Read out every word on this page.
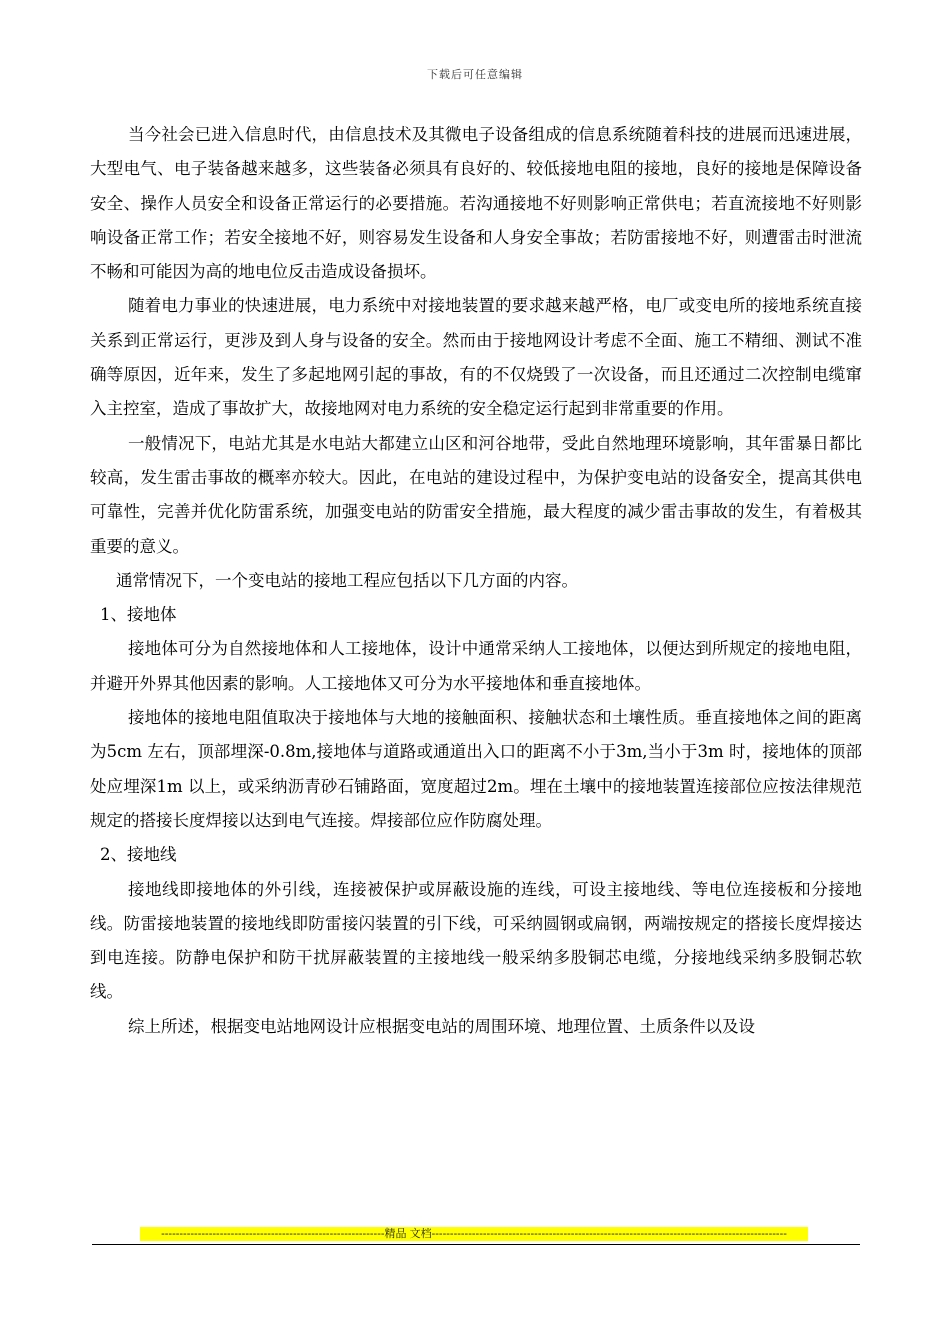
下载后可任意编辑

当今社会已进入信息时代，由信息技术及其微电子设备组成的信息系统随着科技的进展而迅速进展，大型电气、电子装备越来越多，这些装备必须具有良好的、较低接地电阻的接地，良好的接地是保障设备安全、操作人员安全和设备正常运行的必要措施。若沟通接地不好则影响正常供电；若直流接地不好则影响设备正常工作；若安全接地不好，则容易发生设备和人身安全事故；若防雷接地不好，则遭雷击时泄流不畅和可能因为高的地电位反击造成设备损坏。

随着电力事业的快速进展，电力系统中对接地装置的要求越来越严格，电厂或变电所的接地系统直接关系到正常运行，更涉及到人身与设备的安全。然而由于接地网设计考虑不全面、施工不精细、测试不准确等原因，近年来，发生了多起地网引起的事故，有的不仅烧毁了一次设备，而且还通过二次控制电缆窜入主控室，造成了事故扩大，故接地网对电力系统的安全稳定运行起到非常重要的作用。

一般情况下，电站尤其是水电站大都建立山区和河谷地带，受此自然地理环境影响，其年雷暴日都比较高，发生雷击事故的概率亦较大。因此，在电站的建设过程中，为保护变电站的设备安全，提高其供电可靠性，完善并优化防雷系统，加强变电站的防雷安全措施，最大程度的减少雷击事故的发生，有着极其重要的意义。

通常情况下，一个变电站的接地工程应包括以下几方面的内容。

1、接地体

接地体可分为自然接地体和人工接地体，设计中通常采纳人工接地体，以便达到所规定的接地电阻，并避开外界其他因素的影响。人工接地体又可分为水平接地体和垂直接地体。

接地体的接地电阻值取决于接地体与大地的接触面积、接触状态和土壤性质。垂直接地体之间的距离为5cm 左右，顶部埋深-0.8m,接地体与道路或通道出入口的距离不小于3m,当小于3m 时，接地体的顶部处应埋深1m 以上，或采纳沥青砂石铺路面，宽度超过2m。埋在土壤中的接地装置连接部位应按法律规范规定的搭接长度焊接以达到电气连接。焊接部位应作防腐处理。

2、接地线

接地线即接地体的外引线，连接被保护或屏蔽设施的连线，可设主接地线、等电位连接板和分接地线。防雷接地装置的接地线即防雷接闪装置的引下线，可采纳圆钢或扁钢，两端按规定的搭接长度焊接达到电连接。防静电保护和防干扰屏蔽装置的主接地线一般采纳多股铜芯电缆，分接地线采纳多股铜芯软线。

综上所述，根据变电站地网设计应根据变电站的周围环境、地理位置、土质条件以及设

-------------------------------------------------------------精品 文档-------------------------------------------------------------------------------------------------
